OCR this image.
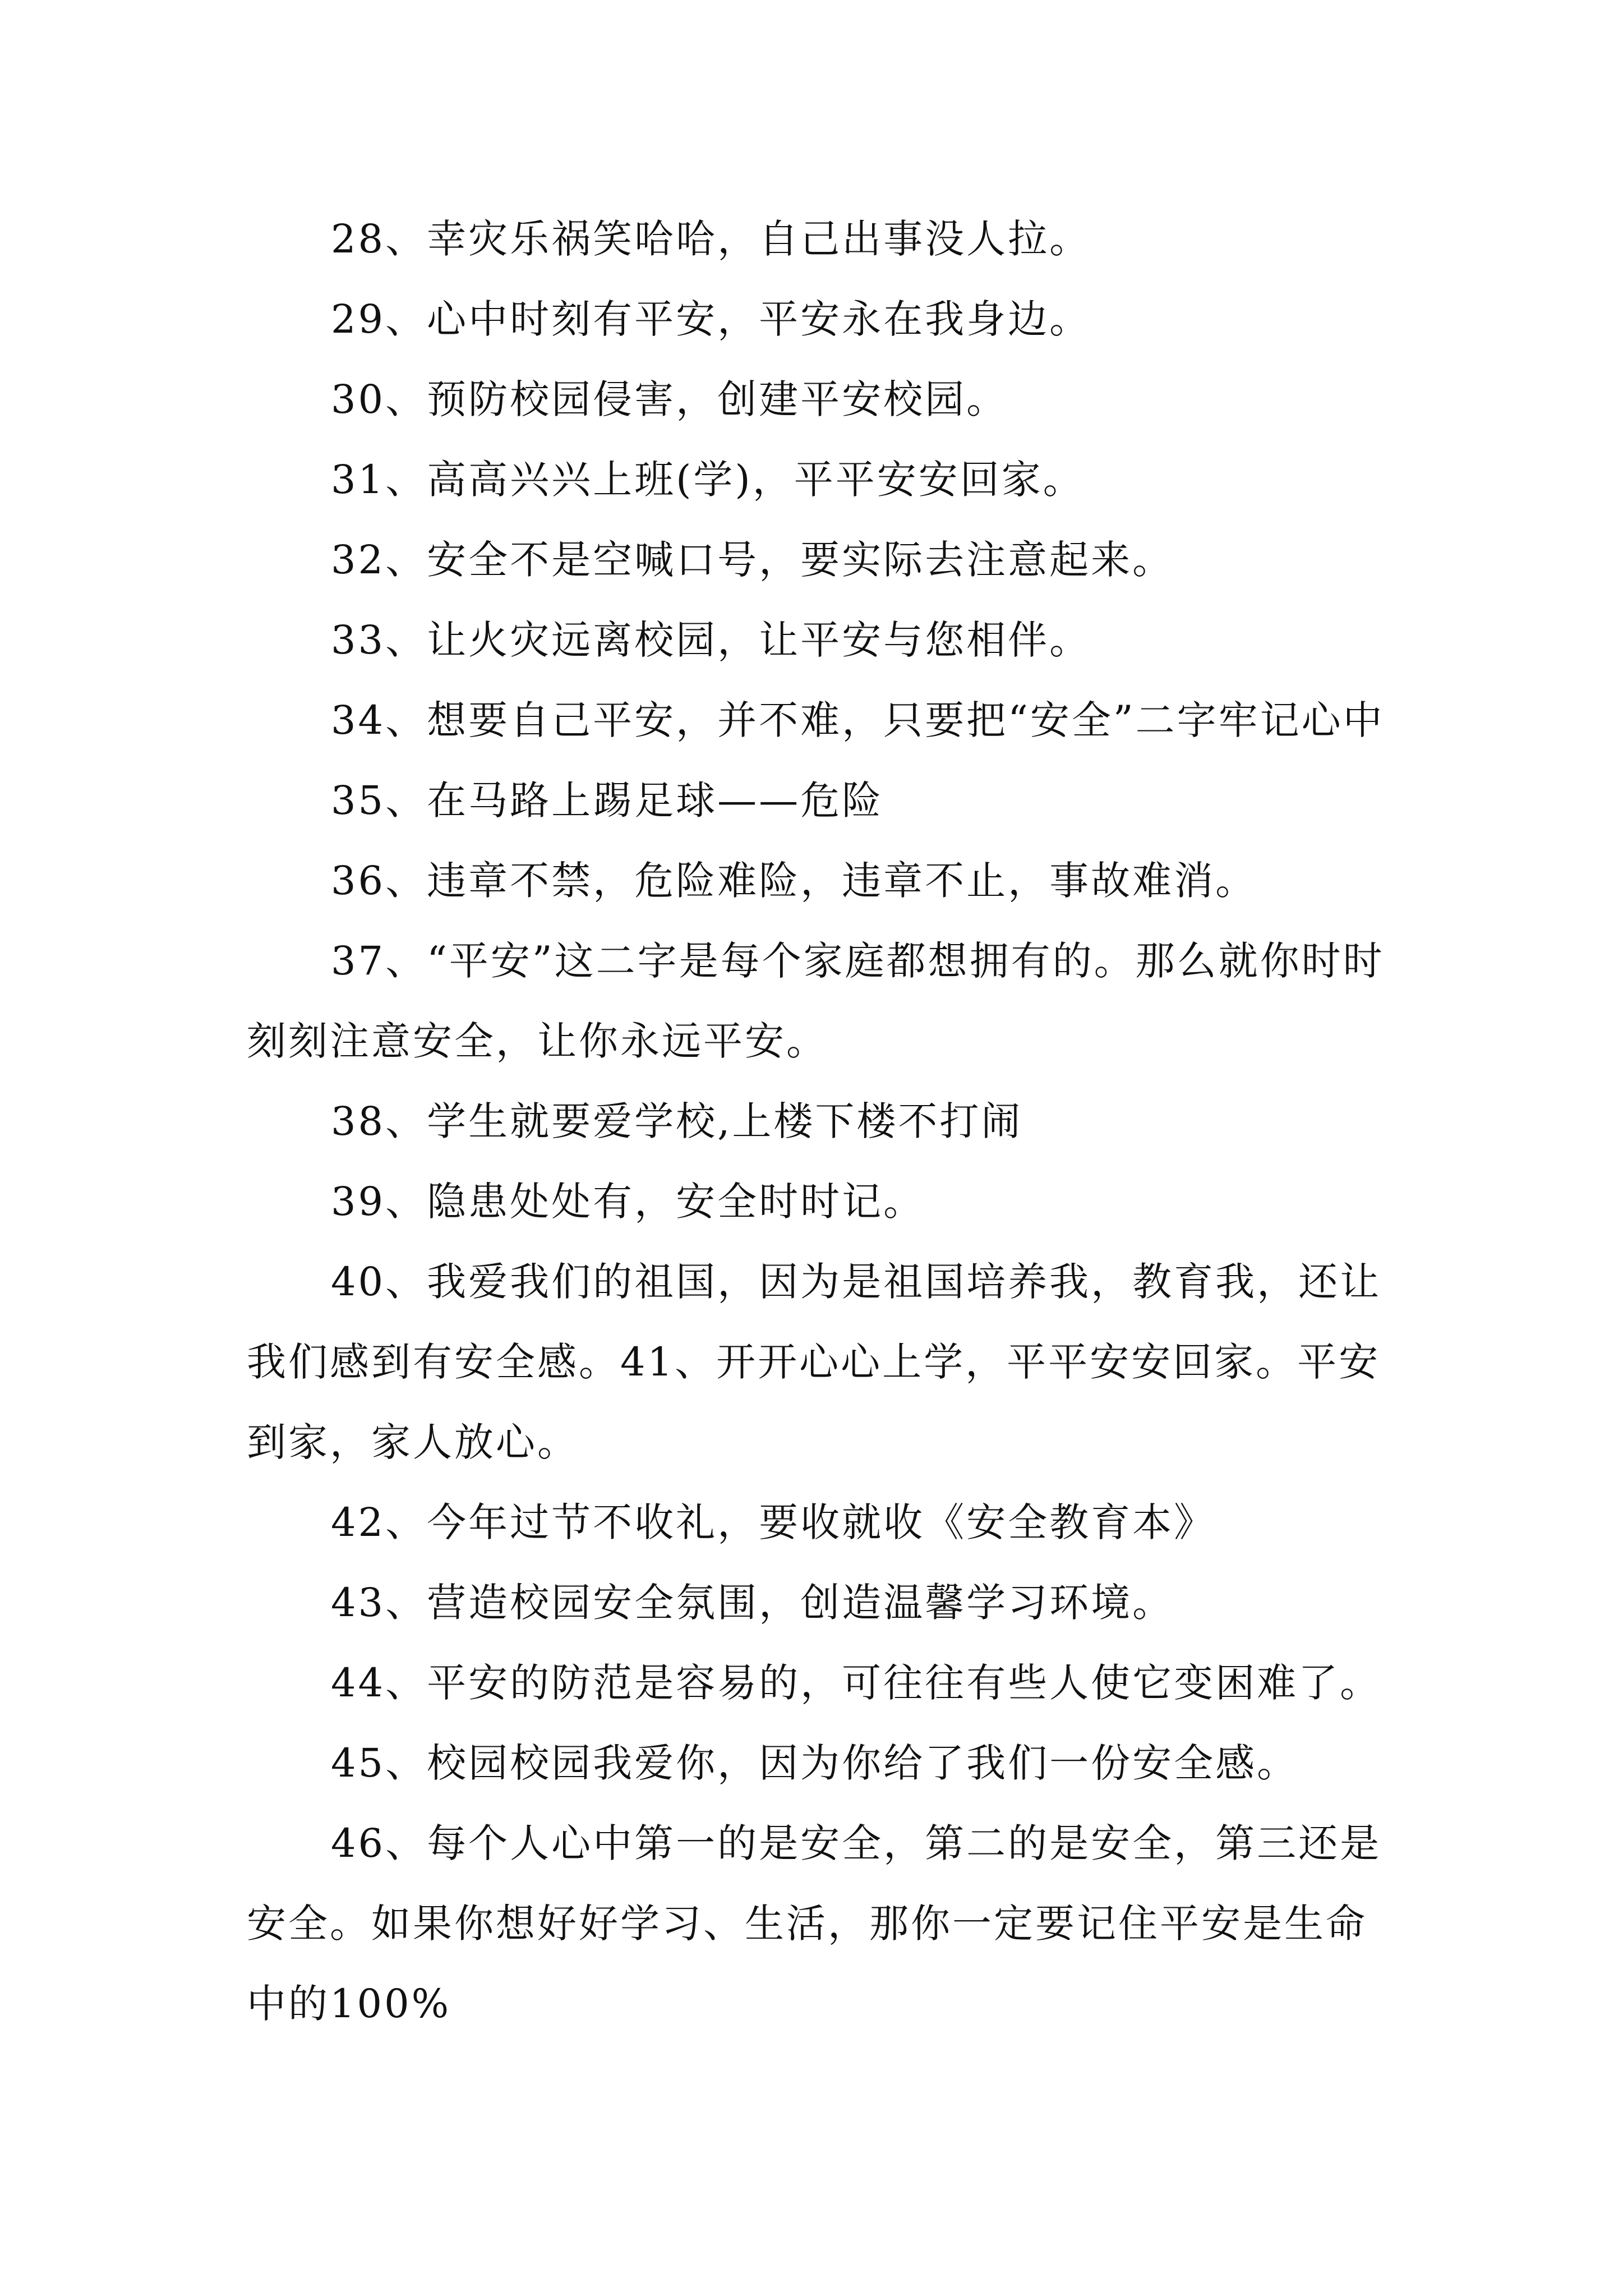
28、幸灾乐祸笑哈哈，自己出事没人拉。

29、心中时刻有平安，平安永在我身边。

30、预防校园侵害，创建平安校园。

31、高高兴兴上班(学)，平平安安回家。

32、安全不是空喊口号，要实际去注意起来。

33、让火灾远离校园，让平安与您相伴。

34、想要自己平安，并不难，只要把“安全”二字牢记心中

35、在马路上踢足球——危险

36、违章不禁，危险难险，违章不止，事故难消。

37、“平安”这二字是每个家庭都想拥有的。那么就你时时刻刻注意安全，让你永远平安。

38、学生就要爱学校,上楼下楼不打闹

39、隐患处处有，安全时时记。

40、我爱我们的祖国，因为是祖国培养我，教育我，还让我们感到有安全感。41、开开心心上学，平平安安回家。平安到家，家人放心。

42、今年过节不收礼，要收就收《安全教育本》

43、营造校园安全氛围，创造温馨学习环境。

44、平安的防范是容易的，可往往有些人使它变困难了。

45、校园校园我爱你，因为你给了我们一份安全感。

46、每个人心中第一的是安全，第二的是安全，第三还是安全。如果你想好好学习、生活，那你一定要记住平安是生命中的100%
